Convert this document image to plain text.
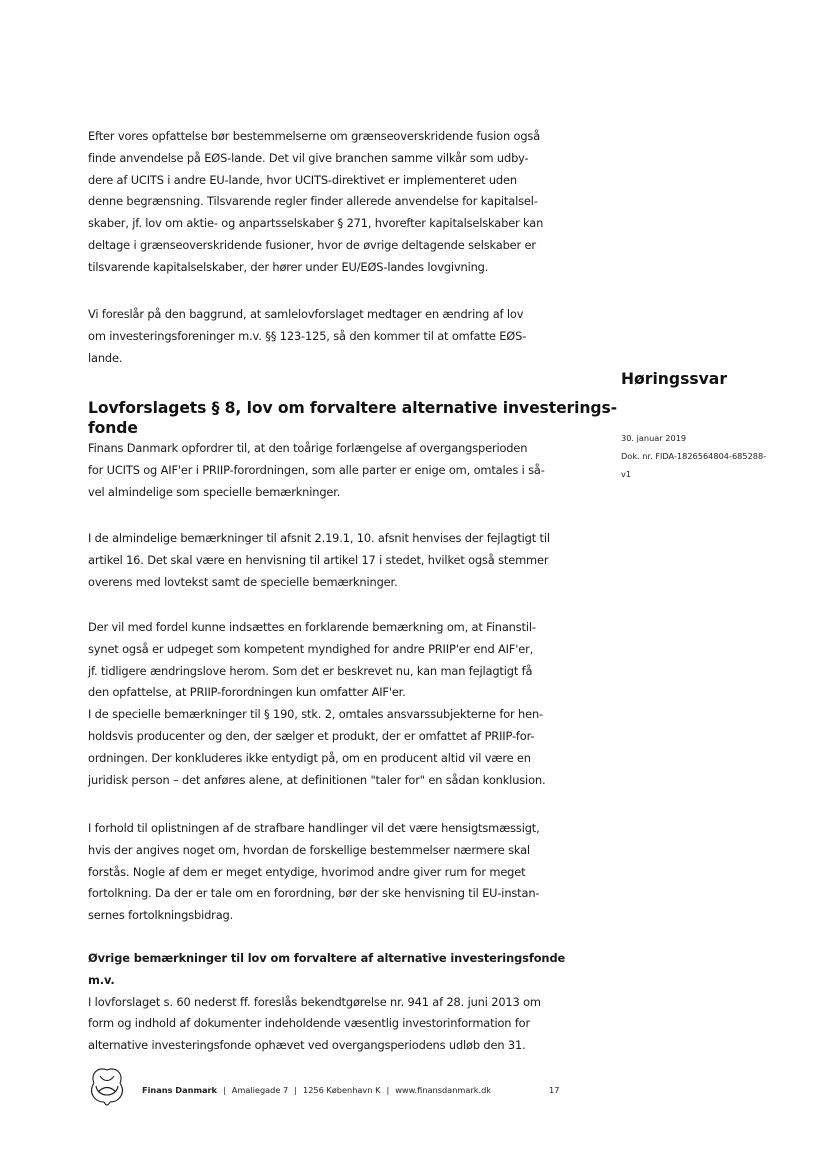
Efter vores opfattelse bør bestemmelserne om grænseoverskridende fusion også
finde anvendelse på EØS-lande. Det vil give branchen samme vilkår som udby-
dere af UCITS i andre EU-lande, hvor UCITS-direktivet er implementeret uden
denne begrænsning. Tilsvarende regler finder allerede anvendelse for kapitalsel-
skaber, jf. lov om aktie- og anpartsselskaber § 271, hvorefter kapitalselskaber kan
deltage i grænseoverskridende fusioner, hvor de øvrige deltagende selskaber er
tilsvarende kapitalselskaber, der hører under EU/EØS-landes lovgivning.

Vi foreslår på den baggrund, at samlelovforslaget medtager en ændring af lov
om investeringsforeninger m.v. §§ 123-125, så den kommer til at omfatte EØS-
lande.

Lovforslagets § 8, lov om forvaltere alternative investerings-
fonde

Finans Danmark opfordrer til, at den toårige forlængelse af overgangsperioden
for UCITS og AIF'er i PRIIP-forordningen, som alle parter er enige om, omtales i så-
vel almindelige som specielle bemærkninger.

I de almindelige bemærkninger til afsnit 2.19.1, 10. afsnit henvises der fejlagtigt til
artikel 16. Det skal være en henvisning til artikel 17 i stedet, hvilket også stemmer
overens med lovtekst samt de specielle bemærkninger.

Der vil med fordel kunne indsættes en forklarende bemærkning om, at Finanstil-
synet også er udpeget som kompetent myndighed for andre PRIIP'er end AIF'er,
jf. tidligere ændringslove herom. Som det er beskrevet nu, kan man fejlagtigt få
den opfattelse, at PRIIP-forordningen kun omfatter AIF'er.
I de specielle bemærkninger til § 190, stk. 2, omtales ansvarssubjekterne for hen-
holdsvis producenter og den, der sælger et produkt, der er omfattet af PRIIP-for-
ordningen. Der konkluderes ikke entydigt på, om en producent altid vil være en
juridisk person – det anføres alene, at definitionen "taler for" en sådan konklusion.

I forhold til oplistningen af de strafbare handlinger vil det være hensigtsmæssigt,
hvis der angives noget om, hvordan de forskellige bestemmelser nærmere skal
forstås. Nogle af dem er meget entydige, hvorimod andre giver rum for meget
fortolkning. Da der er tale om en forordning, bør der ske henvisning til EU-instan-
sernes fortolkningsbidrag.

Øvrige bemærkninger til lov om forvaltere af alternative investeringsfonde m.v.

I lovforslaget s. 60 nederst ff. foreslås bekendtgørelse nr. 941 af 28. juni 2013 om
form og indhold af dokumenter indeholdende væsentlig investorinformation for
alternative investeringsfonde ophævet ved overgangsperiodens udløb den 31.

Høringssvar

30. januar 2019
Dok. nr. FIDA-1826564804-685288-
v1
Finans Danmark | Amaliegade 7 | 1256 København K | www.finansdanmark.dk	17
